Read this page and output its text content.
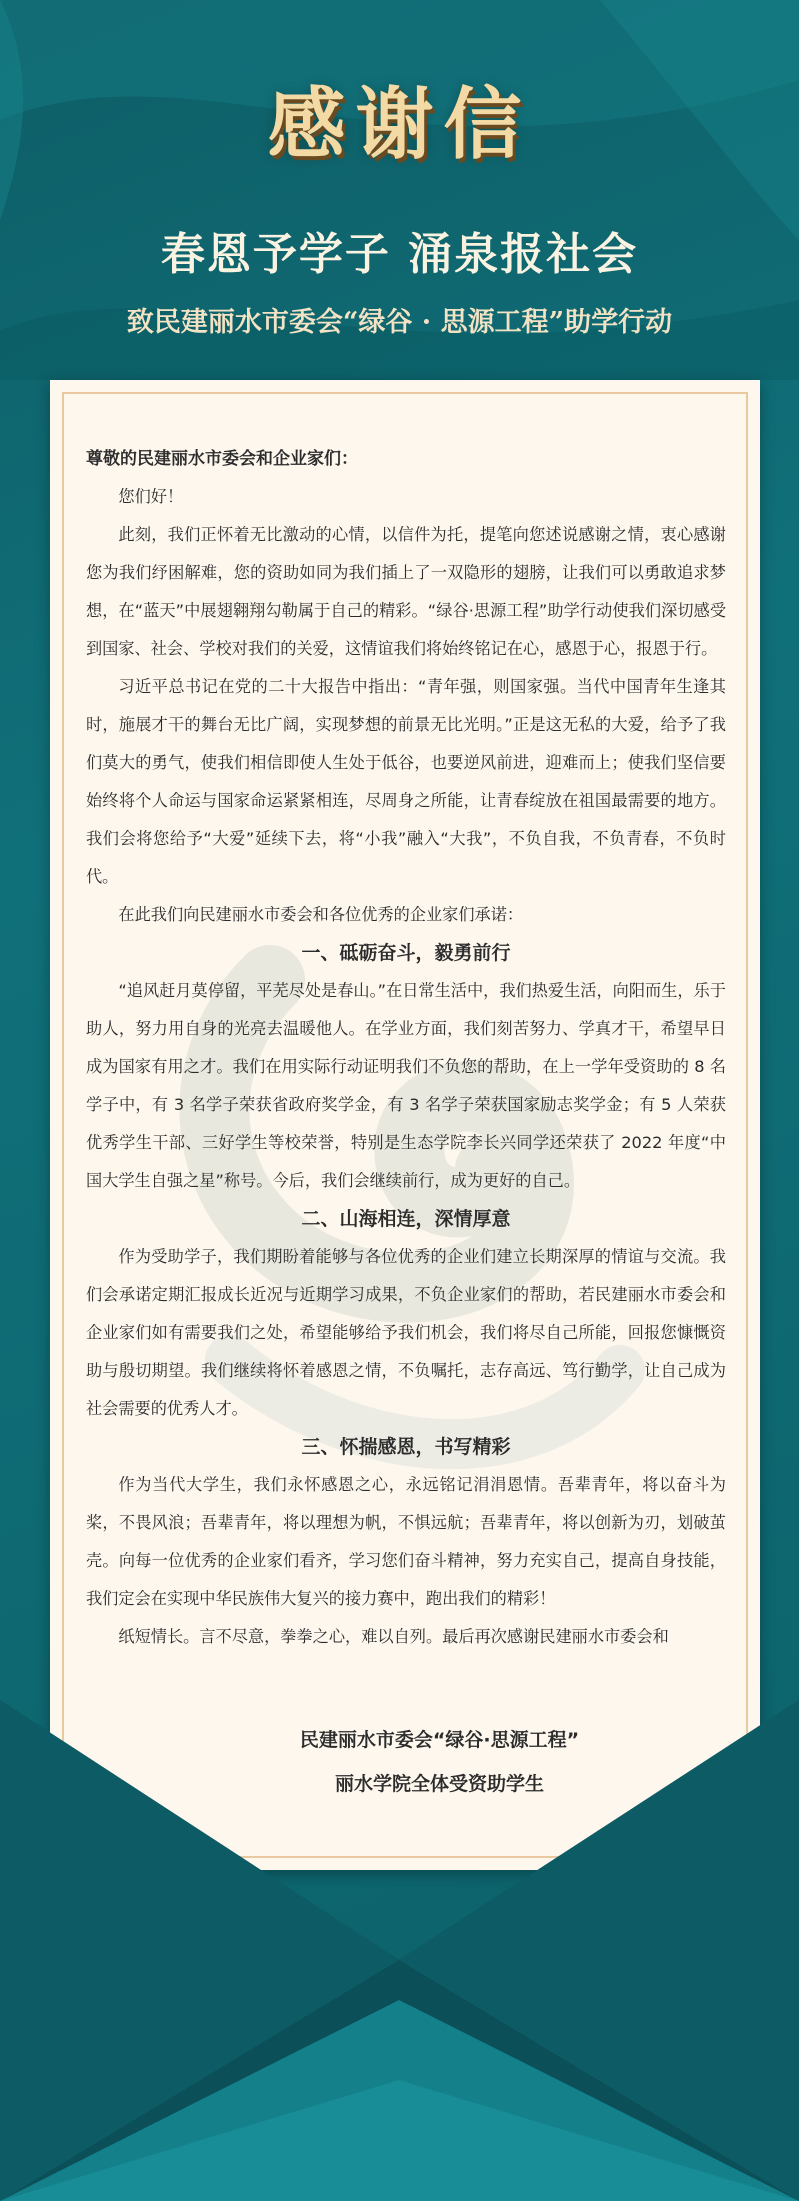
感谢信
春恩予学子 涌泉报社会
致民建丽水市委会“绿谷 · 思源工程”助学行动

尊敬的民建丽水市委会和企业家们：

您们好！

此刻，我们正怀着无比激动的心情，以信件为托，提笔向您述说感谢之情，衷心感谢您为我们纾困解难，您的资助如同为我们插上了一双隐形的翅膀，让我们可以勇敢追求梦想，在“蓝天”中展翅翱翔勾勒属于自己的精彩。“绿谷·思源工程”助学行动使我们深切感受到国家、社会、学校对我们的关爱，这情谊我们将始终铭记在心，感恩于心，报恩于行。

习近平总书记在党的二十大报告中指出：“青年强，则国家强。当代中国青年生逢其时，施展才干的舞台无比广阔，实现梦想的前景无比光明。”正是这无私的大爱，给予了我们莫大的勇气，使我们相信即使人生处于低谷，也要逆风前进，迎难而上；使我们坚信要始终将个人命运与国家命运紧紧相连，尽周身之所能，让青春绽放在祖国最需要的地方。我们会将您给予“大爱”延续下去，将“小我”融入“大我”，不负自我，不负青春，不负时代。

在此我们向民建丽水市委会和各位优秀的企业家们承诺：

一、砥砺奋斗，毅勇前行

“追风赶月莫停留，平芜尽处是春山。”在日常生活中，我们热爱生活，向阳而生，乐于助人，努力用自身的光亮去温暖他人。在学业方面，我们刻苦努力、学真才干，希望早日成为国家有用之才。我们在用实际行动证明我们不负您的帮助，在上一学年受资助的 8 名学子中，有 3 名学子荣获省政府奖学金，有 3 名学子荣获国家励志奖学金；有 5 人荣获优秀学生干部、三好学生等校荣誉，特别是生态学院李长兴同学还荣获了 2022 年度“中国大学生自强之星”称号。今后，我们会继续前行，成为更好的自己。

二、山海相连，深情厚意

作为受助学子，我们期盼着能够与各位优秀的企业们建立长期深厚的情谊与交流。我们会承诺定期汇报成长近况与近期学习成果，不负企业家们的帮助，若民建丽水市委会和企业家们如有需要我们之处，希望能够给予我们机会，我们将尽自己所能，回报您慷慨资助与殷切期望。我们继续将怀着感恩之情，不负嘱托，志存高远、笃行勤学，让自己成为社会需要的优秀人才。

三、怀揣感恩，书写精彩

作为当代大学生，我们永怀感恩之心，永远铭记涓涓恩情。吾辈青年，将以奋斗为桨，不畏风浪；吾辈青年，将以理想为帆，不惧远航；吾辈青年，将以创新为刃，划破茧壳。向每一位优秀的企业家们看齐，学习您们奋斗精神，努力充实自己，提高自身技能，我们定会在实现中华民族伟大复兴的接力赛中，跑出我们的精彩！

纸短情长。言不尽意，拳拳之心，难以自列。最后再次感谢民建丽水市委会和

民建丽水市委会“绿谷·思源工程”
丽水学院全体受资助学生
